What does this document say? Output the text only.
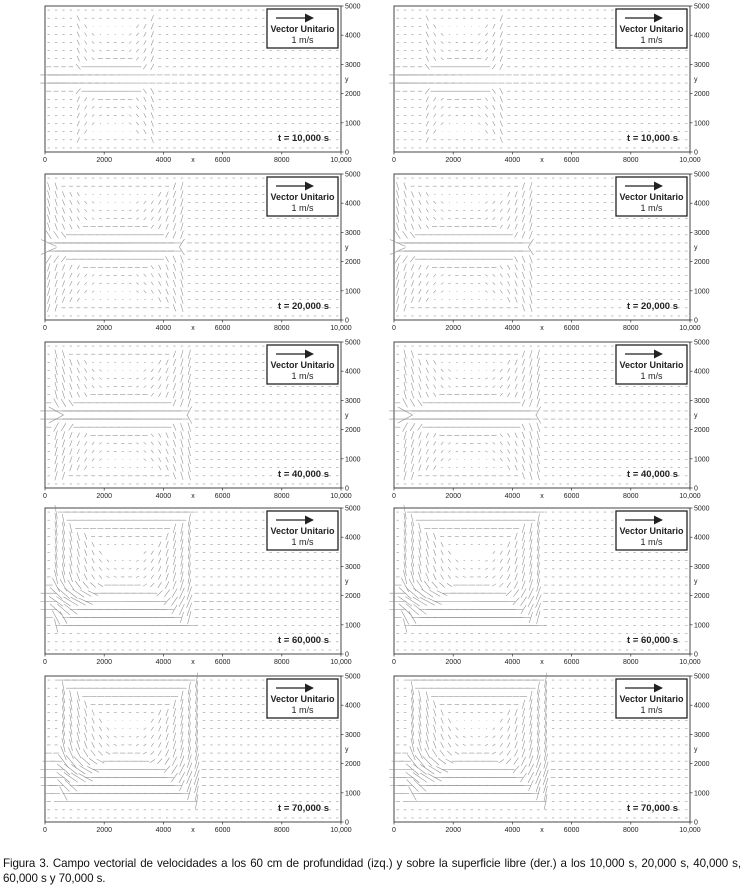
0	2000	4000	6000	8000	10,000
x
0
1000
2000
3000
4000
5000
y
Vector Unitario
1 m/s
t = 10,000 s
0	2000	4000	6000	8000	10,000
x
0
1000
2000
3000
4000
5000
y
Vector Unitario
1 m/s
t = 10,000 s
0	2000	4000	6000	8000	10,000
x
0
1000
2000
3000
4000
5000
y
Vector Unitario
1 m/s
t = 20,000 s
0	2000	4000	6000	8000	10,000
x
0
1000
2000
3000
4000
5000
y
Vector Unitario
1 m/s
t = 20,000 s
0	2000	4000	6000	8000	10,000
x
0
1000
2000
3000
4000
5000
y
Vector Unitario
1 m/s
t = 40,000 s
0	2000	4000	6000	8000	10,000
x
0
1000
2000
3000
4000
5000
y
Vector Unitario
1 m/s
t = 40,000 s
0	2000	4000	6000	8000	10,000
x
0
1000
2000
3000
4000
5000
y
Vector Unitario
1 m/s
t = 60,000 s
0	2000	4000	6000	8000	10,000
x
0
1000
2000
3000
4000
5000
y
Vector Unitario
1 m/s
t = 60,000 s
0	2000	4000	6000	8000	10,000
x
0
1000
2000
3000
4000
5000
y
Vector Unitario
1 m/s
t = 70,000 s
0	2000	4000	6000	8000	10,000
x
0
1000
2000
3000
4000
5000
y
Vector Unitario
1 m/s
t = 70,000 s
Figura 3. Campo vectorial de velocidades a los 60 cm de profundidad (izq.) y sobre la superficie libre (der.) a los 10,000 s, 20,000 s, 40,000 s, 60,000 s y 70,000 s.
